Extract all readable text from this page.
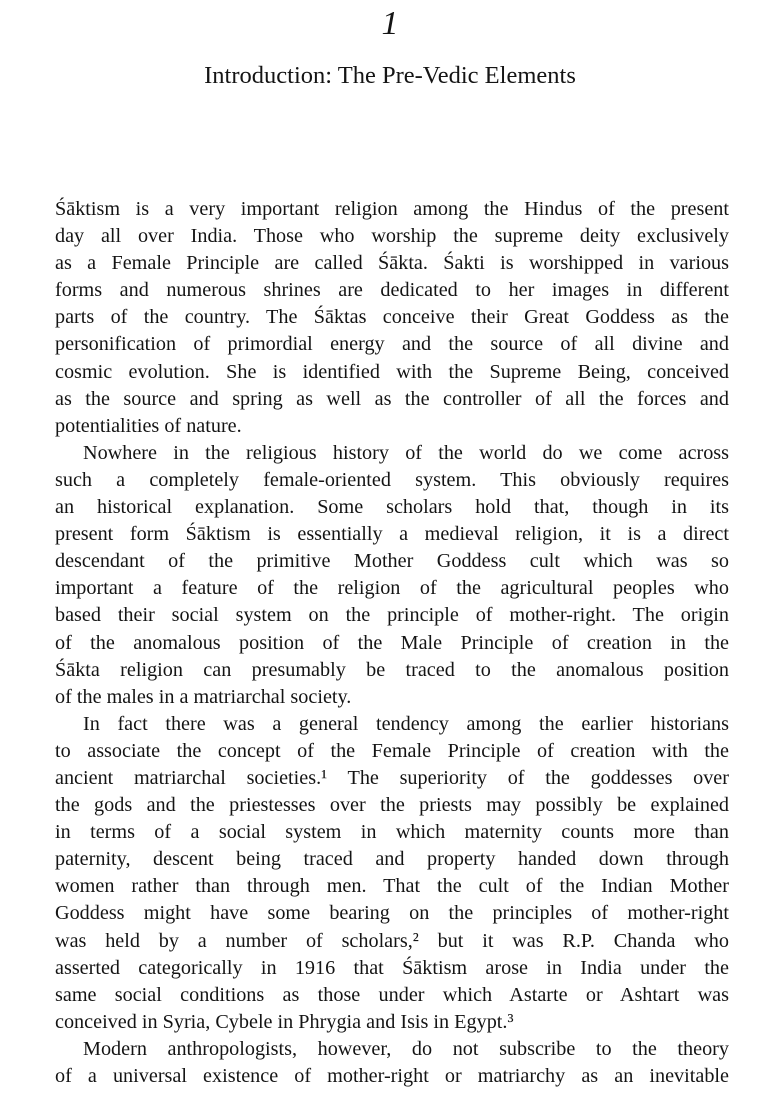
1
Introduction: The Pre-Vedic Elements
Śāktism is a very important religion among the Hindus of the present
day all over India. Those who worship the supreme deity exclusively
as a Female Principle are called Śākta. Śakti is worshipped in various
forms and numerous shrines are dedicated to her images in different
parts of the country. The Śāktas conceive their Great Goddess as the
personification of primordial energy and the source of all divine and
cosmic evolution. She is identified with the Supreme Being, conceived
as the source and spring as well as the controller of all the forces and
potentialities of nature.
Nowhere in the religious history of the world do we come across
such a completely female-oriented system. This obviously requires
an historical explanation. Some scholars hold that, though in its
present form Śāktism is essentially a medieval religion, it is a direct
descendant of the primitive Mother Goddess cult which was so
important a feature of the religion of the agricultural peoples who
based their social system on the principle of mother-right. The origin
of the anomalous position of the Male Principle of creation in the
Śākta religion can presumably be traced to the anomalous position
of the males in a matriarchal society.
In fact there was a general tendency among the earlier historians
to associate the concept of the Female Principle of creation with the
ancient matriarchal societies.¹ The superiority of the goddesses over
the gods and the priestesses over the priests may possibly be explained
in terms of a social system in which maternity counts more than
paternity, descent being traced and property handed down through
women rather than through men. That the cult of the Indian Mother
Goddess might have some bearing on the principles of mother-right
was held by a number of scholars,² but it was R.P. Chanda who
asserted categorically in 1916 that Śāktism arose in India under the
same social conditions as those under which Astarte or Ashtart was
conceived in Syria, Cybele in Phrygia and Isis in Egypt.³
Modern anthropologists, however, do not subscribe to the theory
of a universal existence of mother-right or matriarchy as an inevitable
